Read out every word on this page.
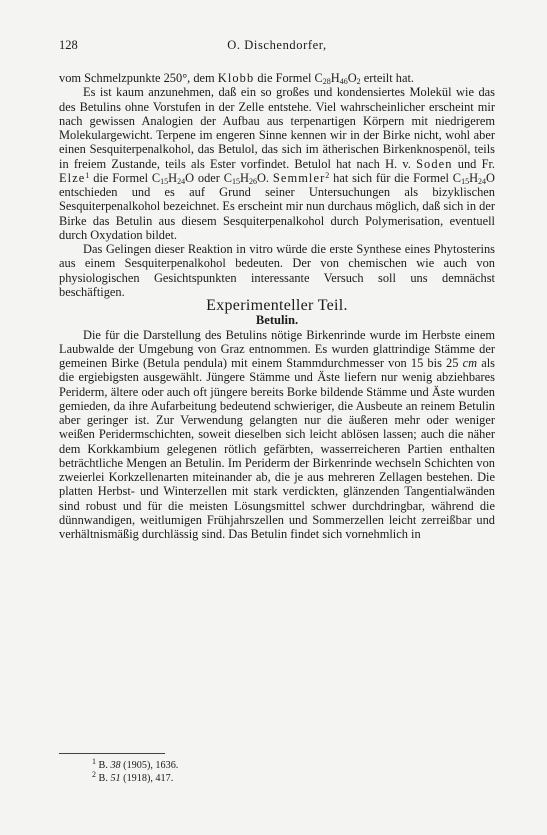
128	O. Dischendorfer,

vom Schmelzpunkte 250°, dem Klobb die Formel $C_{28}H_{46}O_2$ erteilt hat.

Es ist kaum anzunehmen, daß ein so großes und kondensiertes Molekül wie das des Betulins ohne Vorstufen in der Zelle entstehe. Viel wahrscheinlicher erscheint mir nach gewissen Analogien der Aufbau aus terpenartigen Körpern mit niedrigerem Molekulargewicht. Terpene im engeren Sinne kennen wir in der Birke nicht, wohl aber einen Sesquiterpenalkohol, das Betulol, das sich im ätherischen Birkenknospenöl, teils in freiem Zustande, teils als Ester vorfindet. Betulol hat nach H. v. Soden und Fr. Elze$^1$ die Formel $C_{15}H_{24}O$ oder $C_{15}H_{26}O$. Semmler$^2$ hat sich für die Formel $C_{15}H_{24}O$ entschieden und es auf Grund seiner Untersuchungen als bizyklischen Sesquiterpenalkohol bezeichnet. Es erscheint mir nun durchaus möglich, daß sich in der Birke das Betulin aus diesem Sesquiterpenalkohol durch Polymerisation, eventuell durch Oxydation bildet.

Das Gelingen dieser Reaktion in vitro würde die erste Synthese eines Phytosterins aus einem Sesquiterpenalkohol bedeuten. Der von chemischen wie auch von physiologischen Gesichtspunkten interessante Versuch soll uns demnächst beschäftigen.

Experimenteller Teil.

Betulin.

Die für die Darstellung des Betulins nötige Birkenrinde wurde im Herbste einem Laubwalde der Umgebung von Graz entnommen. Es wurden glattrindige Stämme der gemeinen Birke (Betula pendula) mit einem Stammdurchmesser von 15 bis 25 cm als die ergiebigsten ausgewählt. Jüngere Stämme und Äste liefern nur wenig abziehbares Periderm, ältere oder auch oft jüngere bereits Borke bildende Stämme und Äste wurden gemieden, da ihre Aufarbeitung bedeutend schwieriger, die Ausbeute an reinem Betulin aber geringer ist. Zur Verwendung gelangten nur die äußeren mehr oder weniger weißen Peridermschichten, soweit dieselben sich leicht ablösen lassen; auch die näher dem Korkkambium gelegenen rötlich gefärbten, wasserreicheren Partien enthalten beträchtliche Mengen an Betulin. Im Periderm der Birkenrinde wechseln Schichten von zweierlei Korkzellenarten miteinander ab, die je aus mehreren Zellagen bestehen. Die platten Herbst- und Winterzellen mit stark verdickten, glänzenden Tangentialwänden sind robust und für die meisten Lösungsmittel schwer durchdringbar, während die dünnwandigen, weitlumigen Frühjahrszellen und Sommerzellen leicht zerreißbar und verhältnismäßig durchlässig sind. Das Betulin findet sich vornehmlich in

$^1$ B. 38 (1905), 1636.
$^2$ B. 51 (1918), 417.
